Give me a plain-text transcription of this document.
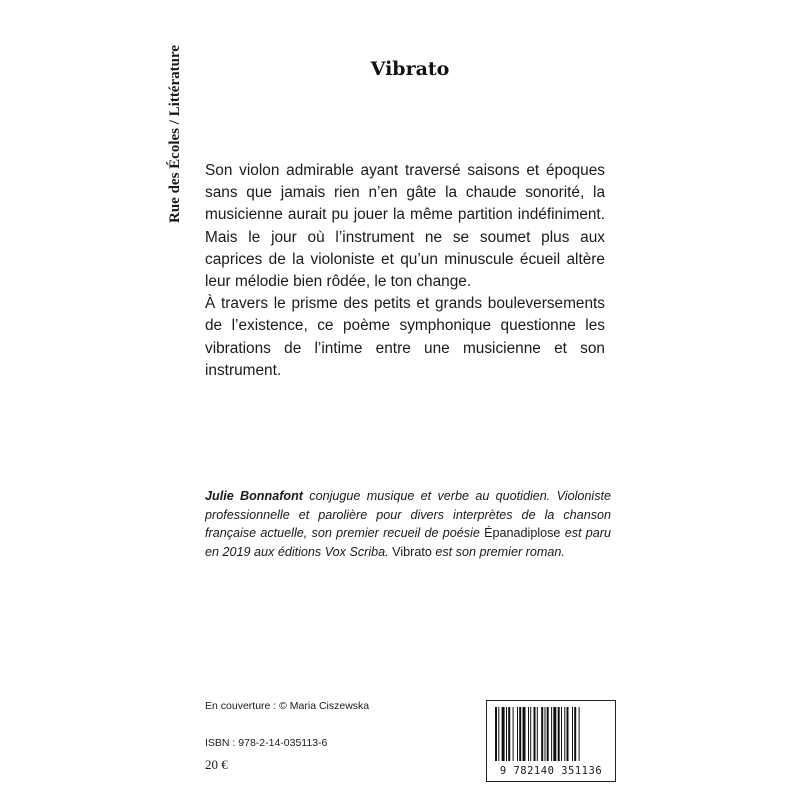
Rue des Écoles / Littérature	Vibrato

Son violon admirable ayant traversé saisons et époques sans que jamais rien n’en gâte la chaude sonorité, la musicienne aurait pu jouer la même partition indéfiniment. Mais le jour où l’instrument ne se soumet plus aux caprices de la violoniste et qu’un minuscule écueil altère leur mélodie bien rôdée, le ton change.

À travers le prisme des petits et grands bouleversements de l’existence, ce poème symphonique questionne les vibrations de l’intime entre une musicienne et son instrument.

Julie Bonnafont conjugue musique et verbe au quotidien. Violoniste professionnelle et parolière pour divers interprètes de la chanson française actuelle, son premier recueil de poésie Épanadiplose est paru en 2019 aux éditions Vox Scriba. Vibrato est son premier roman.
En couverture : © Maria Ciszewska
ISBN : 978-2-14-035113-6
20 €	9 782140 351136
